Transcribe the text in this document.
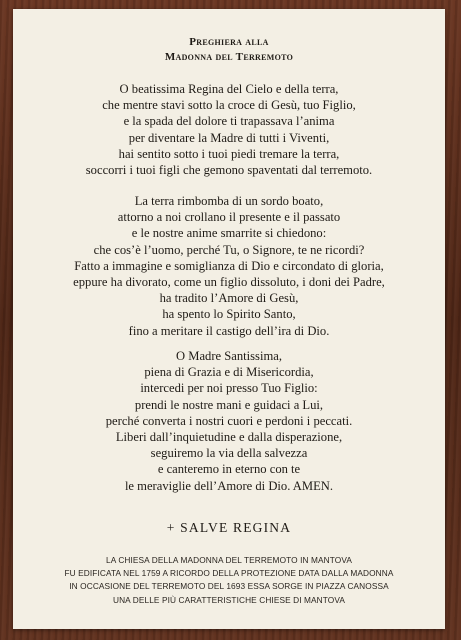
Preghiera alla
Madonna del Terremoto
O beatissima Regina del Cielo e della terra,
che mentre stavi sotto la croce di Gesù, tuo Figlio,
e la spada del dolore ti trapassava l’anima
per diventare la Madre di tutti i Viventi,
hai sentito sotto i tuoi piedi tremare la terra,
soccorri i tuoi figli che gemono spaventati dal terremoto.
La terra rimbomba di un sordo boato,
attorno a noi crollano il presente e il passato
e le nostre anime smarrite si chiedono:
che cos’è l’uomo, perché Tu, o Signore, te ne ricordi?
Fatto a immagine e somiglianza di Dio e circondato di gloria,
eppure ha divorato, come un figlio dissoluto, i doni dei Padre,
ha tradito l’Amore di Gesù,
ha spento lo Spirito Santo,
fino a meritare il castigo dell’ira di Dio.
O Madre Santissima,
piena di Grazia e di Misericordia,
intercedi per noi presso Tuo Figlio:
prendi le nostre mani e guidaci a Lui,
perché converta i nostri cuori e perdoni i peccati.
Liberi dall’inquietudine e dalla disperazione,
seguiremo la via della salvezza
e canteremo in eterno con te
le meraviglie dell’Amore di Dio. AMEN.
+ SALVE REGINA
LA CHIESA DELLA MADONNA DEL TERREMOTO IN MANTOVA
FU EDIFICATA NEL 1759 A RICORDO DELLA PROTEZIONE DATA DALLA MADONNA
IN OCCASIONE DEL TERREMOTO DEL 1693 ESSA SORGE IN PIAZZA CANOSSA
UNA DELLE PIÙ CARATTERISTICHE CHIESE DI MANTOVA
